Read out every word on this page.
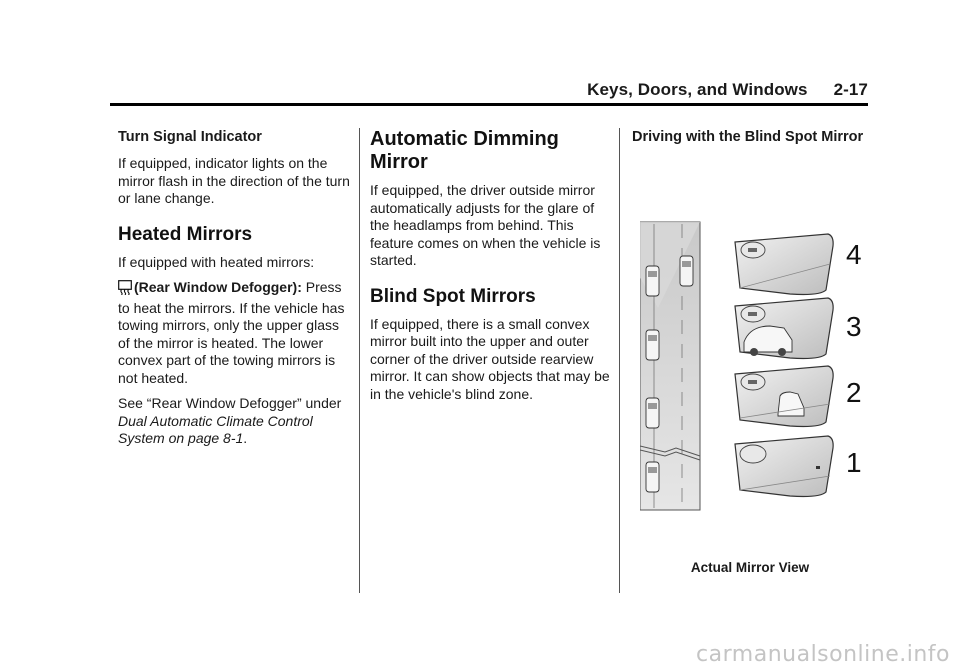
Keys, Doors, and Windows 2-17
Turn Signal Indicator

If equipped, indicator lights on the mirror flash in the direction of the turn or lane change.

Heated Mirrors

If equipped with heated mirrors:

(Rear Window Defogger): Press to heat the mirrors. If the vehicle has towing mirrors, only the upper glass of the mirror is heated. The lower convex part of the towing mirrors is not heated.

See “Rear Window Defogger” under Dual Automatic Climate Control System on page 8-1.

Automatic Dimming Mirror

If equipped, the driver outside mirror automatically adjusts for the glare of the headlamps from behind. This feature comes on when the vehicle is started.

Blind Spot Mirrors

If equipped, there is a small convex mirror built into the upper and outer corner of the driver outside rearview mirror. It can show objects that may be in the vehicle's blind zone.

Driving with the Blind Spot Mirror
4
3
2
1
Actual Mirror View
carmanualsonline.info
